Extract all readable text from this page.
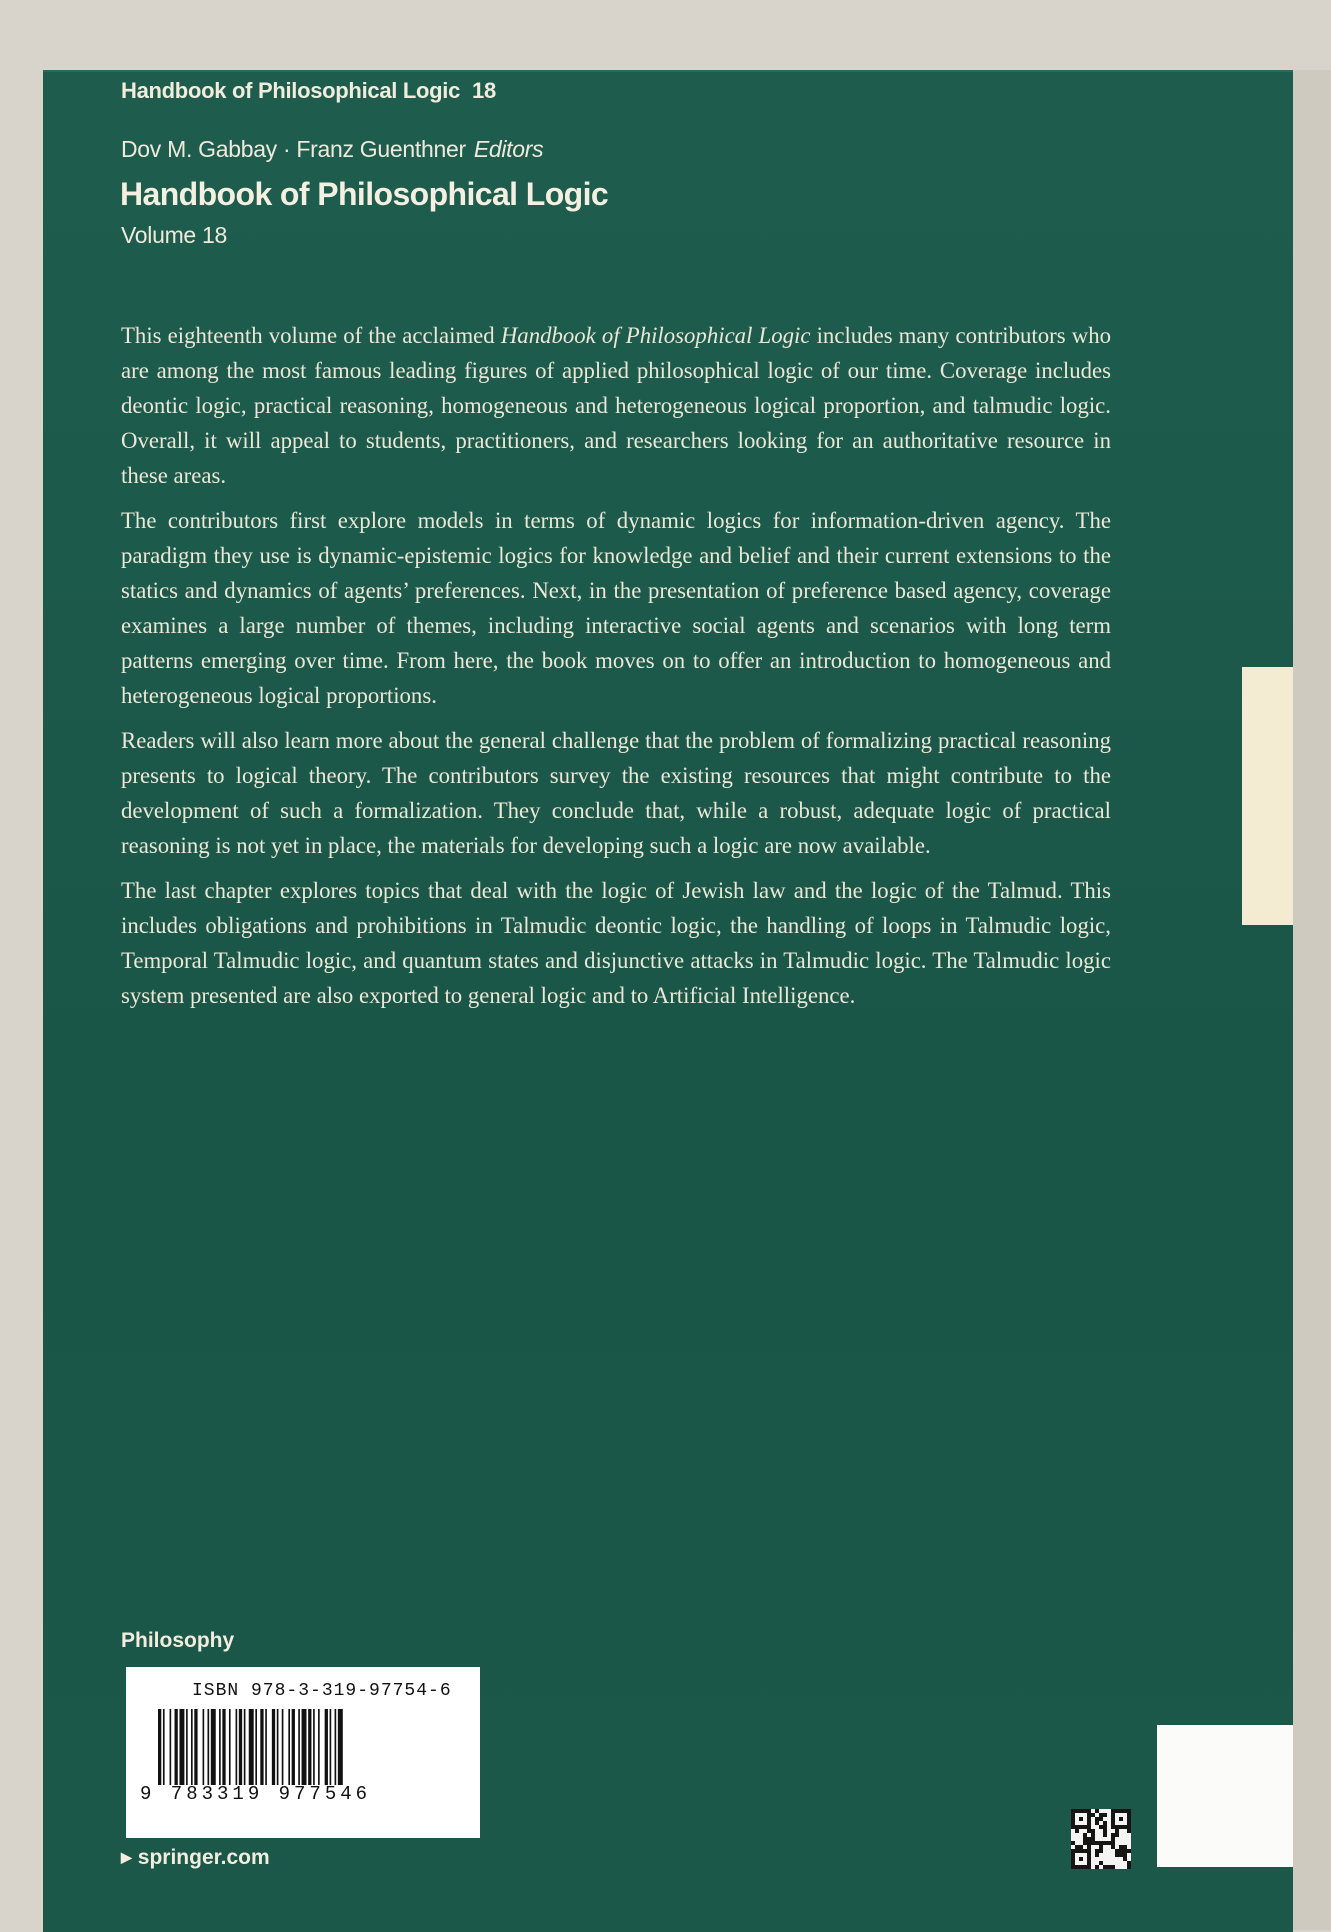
Handbook of Philosophical Logic 18
Dov M. Gabbay · Franz Guenthner Editors
Handbook of Philosophical Logic
Volume 18

This eighteenth volume of the acclaimed Handbook of Philosophical Logic includes many contributors who are among the most famous leading figures of applied philosophical logic of our time. Coverage includes deontic logic, practical reasoning, homogeneous and heterogeneous logical proportion, and talmudic logic. Overall, it will appeal to students, practitioners, and researchers looking for an authoritative resource in these areas.

The contributors first explore models in terms of dynamic logics for information-driven agency. The paradigm they use is dynamic-epistemic logics for knowledge and belief and their current extensions to the statics and dynamics of agents’ preferences. Next, in the presentation of preference based agency, coverage examines a large number of themes, including interactive social agents and scenarios with long term patterns emerging over time. From here, the book moves on to offer an introduction to homogeneous and heterogeneous logical proportions.

Readers will also learn more about the general challenge that the problem of formalizing practical reasoning presents to logical theory. The contributors survey the existing resources that might contribute to the development of such a formalization. They conclude that, while a robust, adequate logic of practical reasoning is not yet in place, the materials for developing such a logic are now available.

The last chapter explores topics that deal with the logic of Jewish law and the logic of the Talmud. This includes obligations and prohibitions in Talmudic deontic logic, the handling of loops in Talmudic logic, Temporal Talmudic logic, and quantum states and disjunctive attacks in Talmudic logic. The Talmudic logic system presented are also exported to general logic and to Artificial Intelligence.

Philosophy
ISBN 978-3-319-97754-6
9 783319 977546
▶ springer.com
